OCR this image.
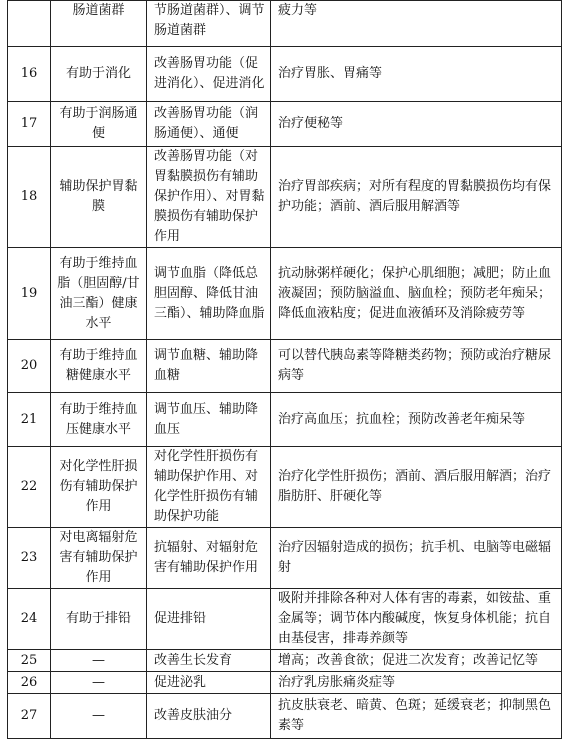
	肠道菌群	节肠道菌群）、调节肠道菌群	疲力等
16	有助于消化	改善肠胃功能（促进消化）、促进消化	治疗胃胀、胃痛等
17	有助于润肠通便	改善肠胃功能（润肠通便）、通便	治疗便秘等
18	辅助保护胃黏膜	改善肠胃功能（对胃黏膜损伤有辅助保护作用）、对胃黏膜损伤有辅助保护作用	治疗胃部疾病；对所有程度的胃黏膜损伤均有保护功能；酒前、酒后服用解酒等
19	有助于维持血脂（胆固醇/甘油三酯）健康水平	调节血脂（降低总胆固醇、降低甘油三酯）、辅助降血脂	抗动脉粥样硬化；保护心肌细胞；减肥；防止血液凝固；预防脑溢血、脑血栓；预防老年痴呆；降低血液粘度；促进血液循环及消除疲劳等
20	有助于维持血糖健康水平	调节血糖、辅助降血糖	可以替代胰岛素等降糖类药物；预防或治疗糖尿病等
21	有助于维持血压健康水平	调节血压、辅助降血压	治疗高血压；抗血栓；预防改善老年痴呆等
22	对化学性肝损伤有辅助保护作用	对化学性肝损伤有辅助保护作用、对化学性肝损伤有辅助保护功能	治疗化学性肝损伤；酒前、酒后服用解酒；治疗脂肪肝、肝硬化等
23	对电离辐射危害有辅助保护作用	抗辐射、对辐射危害有辅助保护作用	治疗因辐射造成的损伤；抗手机、电脑等电磁辐射
24	有助于排铅	促进排铅	吸附并排除各种对人体有害的毒素，如铵盐、重金属等；调节体内酸碱度，恢复身体机能；抗自由基侵害，排毒养颜等
25	—	改善生长发育	增高；改善食欲；促进二次发育；改善记忆等
26	—	促进泌乳	治疗乳房胀痛炎症等
27	—	改善皮肤油分	抗皮肤衰老、暗黄、色斑；延缓衰老；抑制黑色素等
